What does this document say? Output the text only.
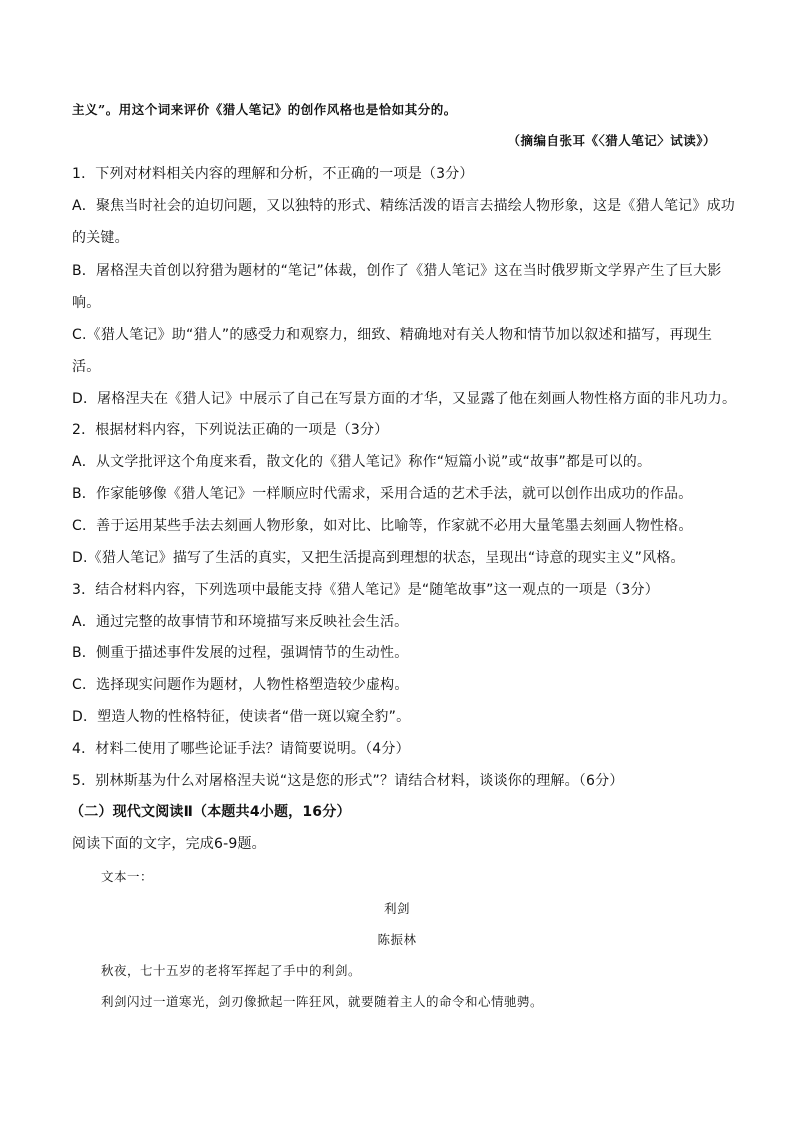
主义”。用这个词来评价《猎人笔记》的创作风格也是恰如其分的。
（摘编自张耳《〈猎人笔记〉试读》）
1．下列对材料相关内容的理解和分析，不正确的一项是（3分）
A．聚焦当时社会的迫切问题，又以独特的形式、精练活泼的语言去描绘人物形象，这是《猎人笔记》成功
的关键。
B．屠格涅夫首创以狩猎为题材的“笔记”体裁，创作了《猎人笔记》这在当时俄罗斯文学界产生了巨大影
响。
C.《猎人笔记》助“猎人”的感受力和观察力，细致、精确地对有关人物和情节加以叙述和描写，再现生
活。
D．屠格涅夫在《猎人记》中展示了自己在写景方面的才华，又显露了他在刻画人物性格方面的非凡功力。
2．根据材料内容，下列说法正确的一项是（3分）
A．从文学批评这个角度来看，散文化的《猎人笔记》称作“短篇小说”或“故事”都是可以的。
B．作家能够像《猎人笔记》一样顺应时代需求，采用合适的艺术手法，就可以创作出成功的作品。
C．善于运用某些手法去刻画人物形象，如对比、比喻等，作家就不必用大量笔墨去刻画人物性格。
D.《猎人笔记》描写了生活的真实，又把生活提高到理想的状态，呈现出“诗意的现实主义”风格。
3．结合材料内容，下列选项中最能支持《猎人笔记》是“随笔故事”这一观点的一项是（3分）
A．通过完整的故事情节和环境描写来反映社会生活。
B．侧重于描述事件发展的过程，强调情节的生动性。
C．选择现实问题作为题材，人物性格塑造较少虚构。
D．塑造人物的性格特征，使读者“借一斑以窥全豹”。
4．材料二使用了哪些论证手法？请简要说明。（4分）
5．别林斯基为什么对屠格涅夫说“这是您的形式”？请结合材料，谈谈你的理解。（6分）
（二）现代文阅读Ⅱ（本题共4小题，16分）
阅读下面的文字，完成6-9题。
文本一：
利剑
陈振林
秋夜，七十五岁的老将军挥起了手中的利剑。
利剑闪过一道寒光，剑刃像掀起一阵狂风，就要随着主人的命令和心情驰骋。
